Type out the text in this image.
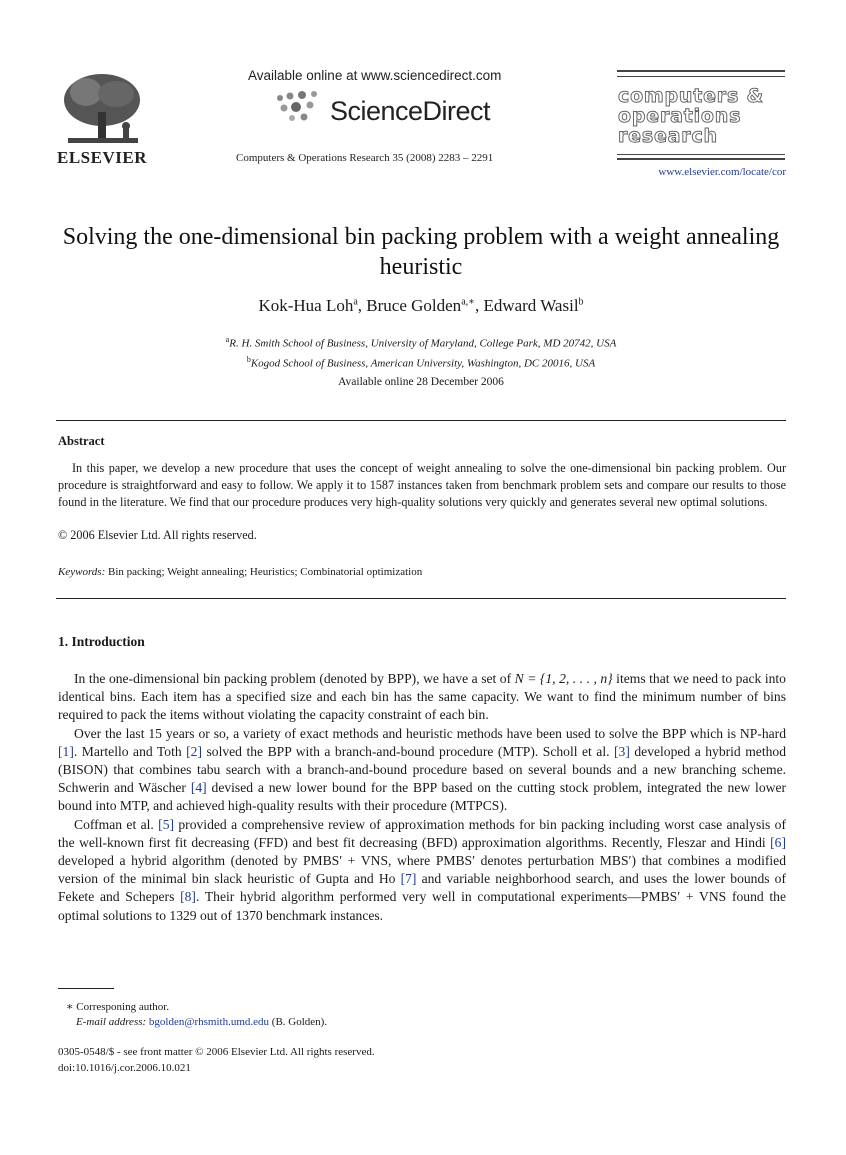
ELSEVIER
Available online at www.sciencedirect.com
ScienceDirect
Computers & Operations Research 35 (2008) 2283 – 2291
computers &
operations
research
www.elsevier.com/locate/cor
Solving the one-dimensional bin packing problem with a weight annealing heuristic
Kok-Hua Loh$^a$, Bruce Golden$^{a,∗}$, Edward Wasil$^b$
$^a$R. H. Smith School of Business, University of Maryland, College Park, MD 20742, USA
$^b$Kogod School of Business, American University, Washington, DC 20016, USA
Available online 28 December 2006
Abstract
In this paper, we develop a new procedure that uses the concept of weight annealing to solve the one-dimensional bin packing problem. Our procedure is straightforward and easy to follow. We apply it to 1587 instances taken from benchmark problem sets and compare our results to those found in the literature. We find that our procedure produces very high-quality solutions very quickly and generates several new optimal solutions.
© 2006 Elsevier Ltd. All rights reserved.
Keywords: Bin packing; Weight annealing; Heuristics; Combinatorial optimization
1. Introduction

In the one-dimensional bin packing problem (denoted by BPP), we have a set of N = {1, 2, . . . , n} items that we need to pack into identical bins. Each item has a specified size and each bin has the same capacity. We want to find the minimum number of bins required to pack the items without violating the capacity constraint of each bin.

Over the last 15 years or so, a variety of exact methods and heuristic methods have been used to solve the BPP which is NP-hard [1]. Martello and Toth [2] solved the BPP with a branch-and-bound procedure (MTP). Scholl et al. [3] developed a hybrid method (BISON) that combines tabu search with a branch-and-bound procedure based on several bounds and a new branching scheme. Schwerin and Wäscher [4] devised a new lower bound for the BPP based on the cutting stock problem, integrated the new lower bound into MTP, and achieved high-quality results with their procedure (MTPCS).

Coffman et al. [5] provided a comprehensive review of approximation methods for bin packing including worst case analysis of the well-known first fit decreasing (FFD) and best fit decreasing (BFD) approximation algorithms. Recently, Fleszar and Hindi [6] developed a hybrid algorithm (denoted by PMBS′ + VNS, where PMBS′ denotes perturbation MBS′) that combines a modified version of the minimal bin slack heuristic of Gupta and Ho [7] and variable neighborhood search, and uses the lower bounds of Fekete and Schepers [8]. Their hybrid algorithm performed very well in computational experiments—PMBS′ + VNS found the optimal solutions to 1329 out of 1370 benchmark instances.

∗ Corresponing author.
E-mail address: bgolden@rhsmith.umd.edu (B. Golden).
0305-0548/$ - see front matter © 2006 Elsevier Ltd. All rights reserved.
doi:10.1016/j.cor.2006.10.021
